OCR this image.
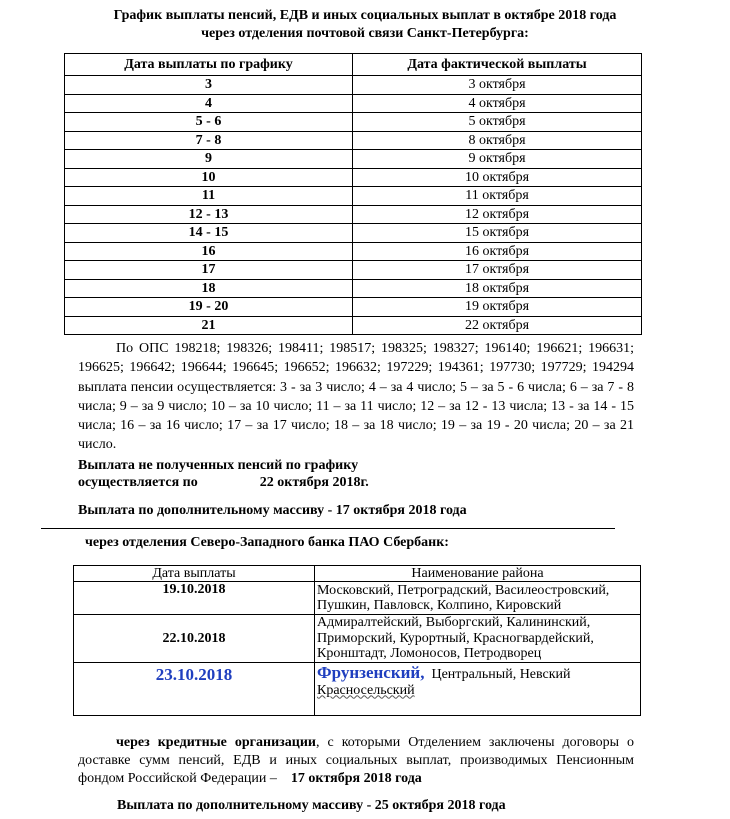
График выплаты пенсий, ЕДВ и иных социальных выплат в октябре 2018 года
через отделения почтовой связи Санкт-Петербурга:
Дата выплаты по графику	Дата фактической выплаты
3	3 октября
4	4 октября
5 - 6	5 октября
7 - 8	8 октября
9	9 октября
10	10 октября
11	11 октября
12 - 13	12 октября
14 - 15	15 октября
16	16 октября
17	17 октября
18	18 октября
19 - 20	19 октября
21	22 октября
По ОПС 198218; 198326; 198411; 198517; 198325; 198327; 196140; 196621; 196631; 196625; 196642; 196644; 196645; 196652; 196632; 197229; 194361; 197730; 197729; 194294 выплата пенсии осуществляется: 3 - за 3 число; 4 – за 4 число; 5 – за 5 - 6 числа; 6 – за 7 - 8 числа; 9 – за 9 число; 10 – за 10 число; 11 – за 11 число; 12 – за 12 - 13 числа; 13 - за 14 - 15 числа; 16 – за 16 число; 17 – за 17 число; 18 – за 18 число; 19 – за 19 - 20 числа; 20 – за 21 число.
Выплата не полученных пенсий по графику
осуществляется по	22 октября 2018г.
Выплата по дополнительному массиву - 17 октября 2018 года
через отделения Северо-Западного банка ПАО Сбербанк:
Дата выплаты	Наименование района
19.10.2018	Московский, Петроградский, Василеостровский, Пушкин, Павловск, Колпино, Кировский
22.10.2018	Адмиралтейский, Выборгский, Калининский, Приморский, Курортный, Красногвардейский, Кронштадт, Ломоносов, Петродворец
23.10.2018	Фрунзенский, Центральный, Невский
Красносельский
через кредитные организации, с которыми Отделением заключены договоры о доставке сумм пенсий, ЕДВ и иных социальных выплат, производимых Пенсионным фондом Российской Федерации – 17 октября 2018 года
Выплата по дополнительному массиву - 25 октября 2018 года
